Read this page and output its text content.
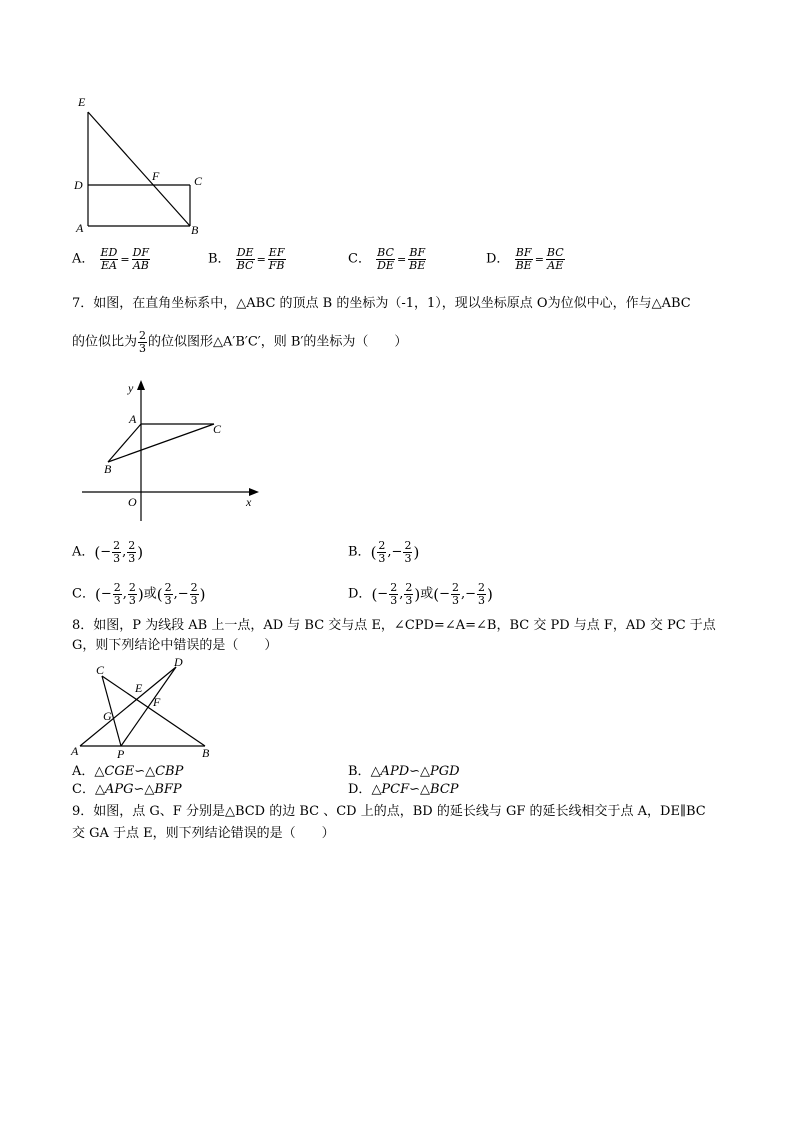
E
F	C
D
A	B
A． $\frac{ED}{EA} = \frac{DF}{AB}$	B． $\frac{DE}{BC} = \frac{EF}{FB}$	C． $\frac{BC}{DE} = \frac{BF}{BE}$	D． $\frac{BF}{BE} = \frac{BC}{AE}$
7．如图，在直角坐标系中，△ABC 的顶点 B 的坐标为（-1，1），现以坐标原点 O为位似中心，作与△ABC
的位似比为 $\frac{2}{3}$ 的位似图形△A′B′C′，则 B′的坐标为（　　）
y
A
C
B
O	x
A．(− $\frac{2}{3}$ , $\frac{2}{3}$ )	B．( $\frac{2}{3}$ ,− $\frac{2}{3}$ )
C．(− $\frac{2}{3}$ , $\frac{2}{3}$ )或( $\frac{2}{3}$ ,− $\frac{2}{3}$ )	D．(− $\frac{2}{3}$ , $\frac{2}{3}$ )或(− $\frac{2}{3}$ ,− $\frac{2}{3}$ )
8．如图，P 为线段 AB 上一点，AD 与 BC 交与点 E，∠CPD=∠A=∠B，BC 交 PD 与点 F，AD 交 PC 于点
G，则下列结论中错误的是（　　）
C
D
E
F
G
A	P	B
A．△CGE∽△CBP	B．△APD∽△PGD
C．△APG∽△BFP	D．△PCF∽△BCP
9．如图，点 G、F 分别是△BCD 的边 BC 、CD 上的点，BD 的延长线与 GF 的延长线相交于点 A，DE∥BC
交 GA 于点 E，则下列结论错误的是（　　）
